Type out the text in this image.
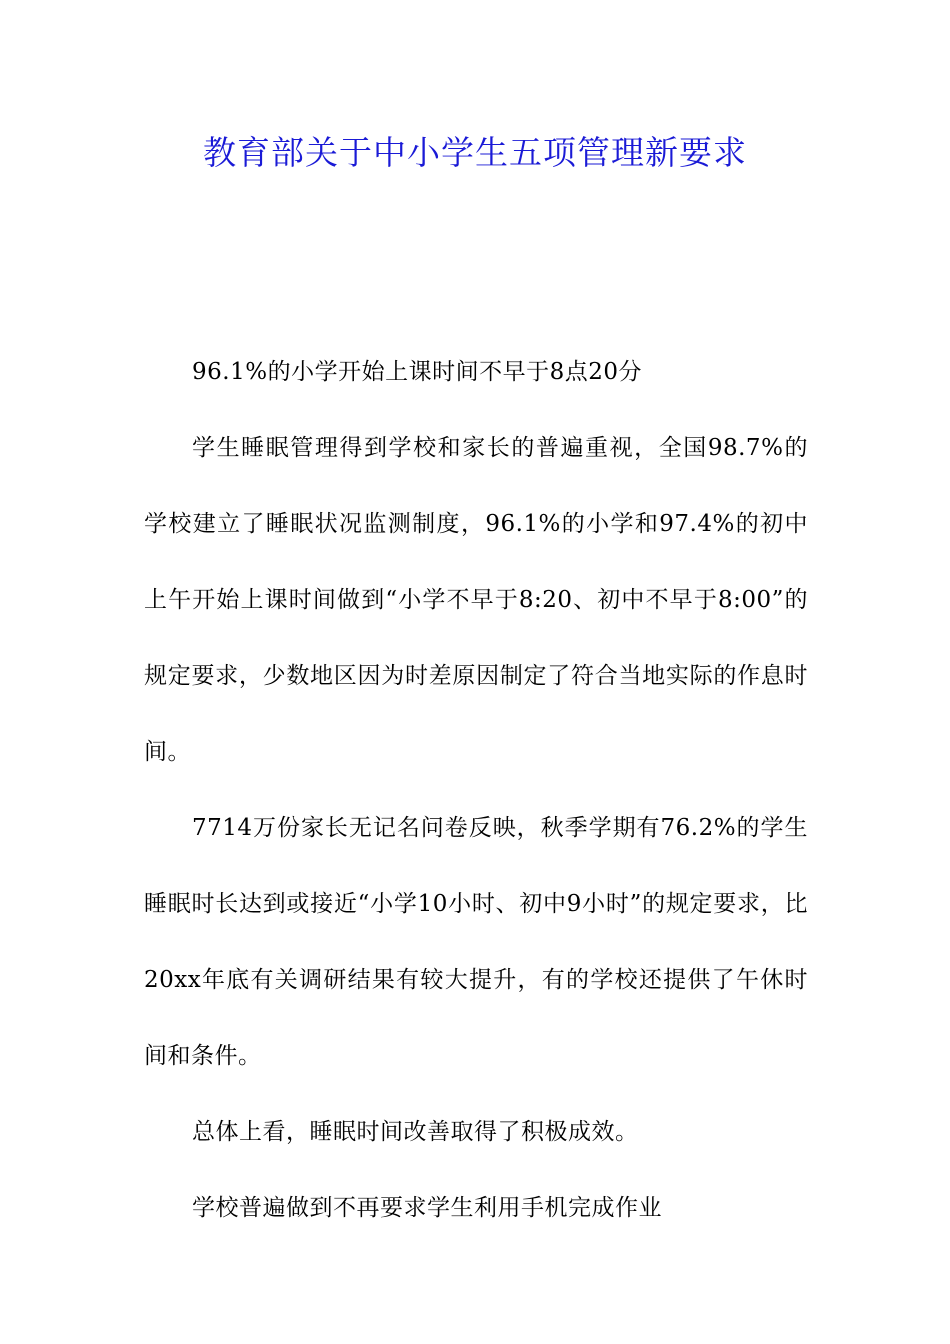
教育部关于中小学生五项管理新要求

96.1%的小学开始上课时间不早于8点20分

学生睡眠管理得到学校和家长的普遍重视，全国98.7%的学校建立了睡眠状况监测制度，96.1%的小学和97.4%的初中上午开始上课时间做到“小学不早于8:20、初中不早于8:00”的规定要求，少数地区因为时差原因制定了符合当地实际的作息时间。

7714万份家长无记名问卷反映，秋季学期有76.2%的学生睡眠时长达到或接近“小学10小时、初中9小时”的规定要求，比20xx年底有关调研结果有较大提升，有的学校还提供了午休时间和条件。

总体上看，睡眠时间改善取得了积极成效。

学校普遍做到不再要求学生利用手机完成作业
